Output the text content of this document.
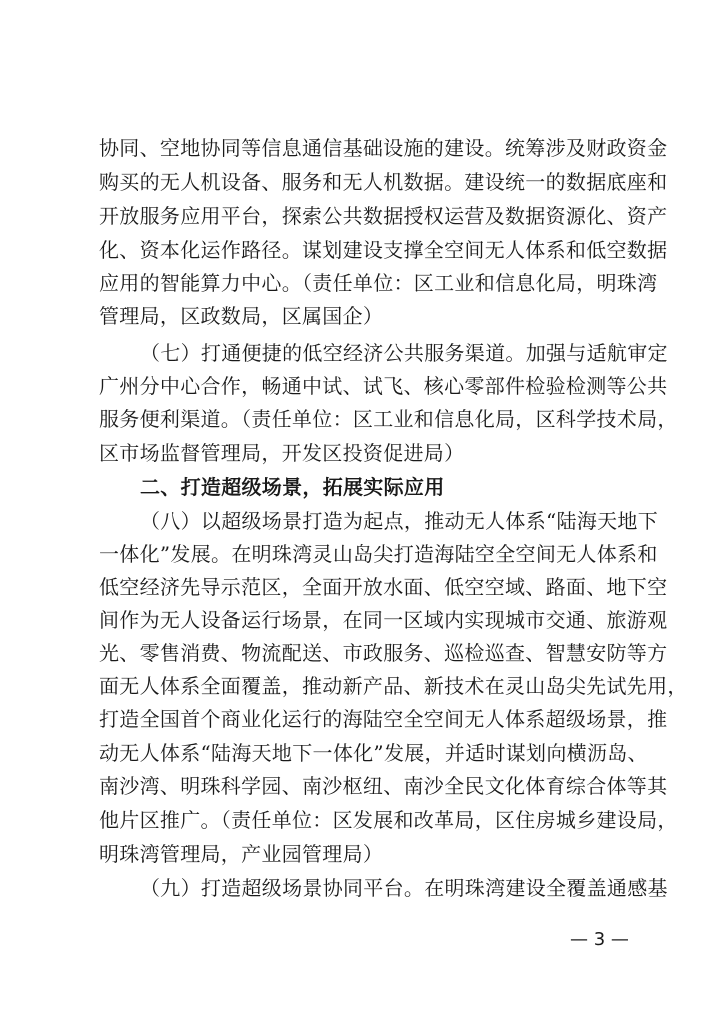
协同、空地协同等信息通信基础设施的建设。统筹涉及财政资金
购买的无人机设备、服务和无人机数据。建设统一的数据底座和
开放服务应用平台，探索公共数据授权运营及数据资源化、资产
化、资本化运作路径。谋划建设支撑全空间无人体系和低空数据
应用的智能算力中心。（责任单位：区工业和信息化局，明珠湾
管理局，区政数局，区属国企）
（七）打通便捷的低空经济公共服务渠道。加强与适航审定
广州分中心合作，畅通中试、试飞、核心零部件检验检测等公共
服务便利渠道。（责任单位：区工业和信息化局，区科学技术局，
区市场监督管理局，开发区投资促进局）
二、打造超级场景，拓展实际应用
（八）以超级场景打造为起点，推动无人体系“陆海天地下
一体化”发展。在明珠湾灵山岛尖打造海陆空全空间无人体系和
低空经济先导示范区，全面开放水面、低空空域、路面、地下空
间作为无人设备运行场景，在同一区域内实现城市交通、旅游观
光、零售消费、物流配送、市政服务、巡检巡查、智慧安防等方
面无人体系全面覆盖，推动新产品、新技术在灵山岛尖先试先用，
打造全国首个商业化运行的海陆空全空间无人体系超级场景，推
动无人体系“陆海天地下一体化”发展，并适时谋划向横沥岛、
南沙湾、明珠科学园、南沙枢纽、南沙全民文化体育综合体等其
他片区推广。（责任单位：区发展和改革局，区住房城乡建设局，
明珠湾管理局，产业园管理局）
（九）打造超级场景协同平台。在明珠湾建设全覆盖通感基
— 3 —
